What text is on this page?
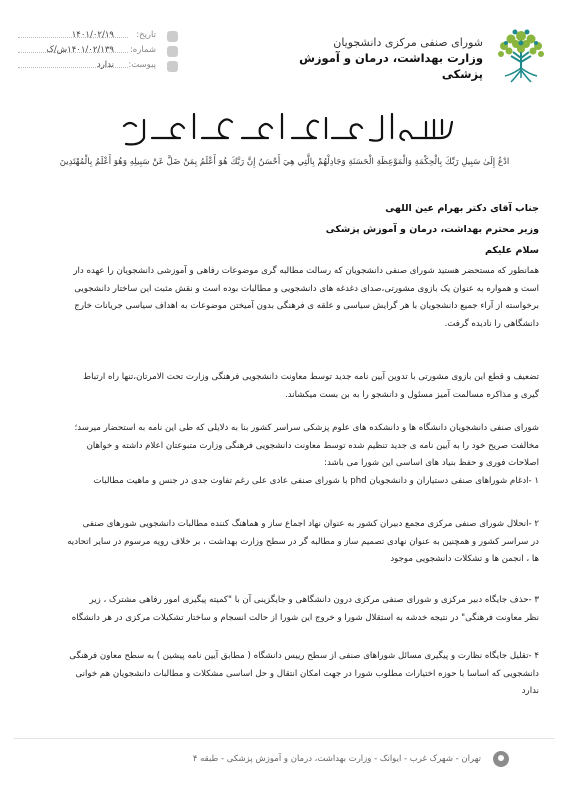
شورای صنفی مرکزی دانشجویان
وزارت بهداشت، درمان و آموزش پزشکی
تاریخ:
۱۴۰۱/۰۲/۱۹
شماره:
۱۴۰۱/۰۲/۱۳۹ش/ک
پیوست:
ندارد
ادْعُ إِلَىٰ سَبِيلِ رَبِّكَ بِالْحِكْمَةِ وَالْمَوْعِظَةِ الْحَسَنَةِ وَجَادِلْهُمْ بِالَّتِي هِيَ أَحْسَنُ إِنَّ رَبَّكَ هُوَ أَعْلَمُ بِمَنْ ضَلَّ عَنْ سَبِيلِهِ وَهُوَ أَعْلَمُ بِالْمُهْتَدِينَ
جناب آقای دکتر بهرام عین اللهی
وزیر محترم بهداشت، درمان و آموزش پزشکی
سلام علیکم
همانطور که مستحضر هستید شورای صنفی دانشجویان که رسالت مطالبه گری موضوعات رفاهی و آموزشی دانشجویان را عهده دار
است و همواره به عنوان یک بازوی مشورتی،صدای دغدغه های دانشجویی و مطالبات بوده است و نقش مثبت این ساختار دانشجویی
برخواسته از آراء جمیع دانشجویان با هر گرایش سیاسی و علقه ی فرهنگی بدون آمیختن موضوعات به اهداف سیاسی جریانات خارج
دانشگاهی را نادیده گرفت.
تضعیف و قطع این بازوی مشورتی با تدوین آیین نامه جدید توسط معاونت دانشجویی فرهنگی وزارت تحت الامرتان،تنها راه ارتباط
گیری و مذاکره مسالمت آمیز مسئول و دانشجو را به بن بست میکشاند.
شورای صنفی دانشجویان دانشگاه ها و دانشکده های علوم پزشکی سراسر کشور بنا به دلایلی که طی این نامه به استحضار میرسد؛
مخالفت صریح خود را به آیین نامه ی جدید تنظیم شده توسط معاونت دانشجویی فرهنگی وزارت متبوعتان اعلام داشته و خواهان
اصلاحات فوری و حفظ بنیاد های اساسی این شورا می باشد:
۱ -ادغام شوراهای صنفی دستیاران و دانشجویان phd با شورای صنفی عادی علی رغم تفاوت جدی در جنس و ماهیت مطالبات
۲ -انحلال شورای صنفی مرکزی مجمع دبیران کشور به عنوان نهاد اجماع ساز و هماهنگ کننده مطالبات دانشجویی شورهای صنفی
در سراسر کشور و همچنین به عنوان نهادی تصمیم ساز و مطالبه گر در سطح وزارت بهداشت ، بر خلاف رویه مرسوم در سایر اتحادیه
ها ، انجمن ها و تشکلات دانشجویی موجود
۳ -حذف جایگاه دبیر مرکزی و شورای صنفی مرکزی درون دانشگاهی و جایگزینی آن با "کمیته پیگیری امور رفاهی مشترک ، زیر
نظر معاونت فرهنگی" در نتیجه خدشه به استقلال شورا و خروج این شورا از حالت انسجام و ساختار تشکیلات مرکزی در هر دانشگاه
۴ -تقلیل جایگاه نظارت و پیگیری مسائل شوراهای صنفی از سطح رییس دانشگاه ( مطابق آیین نامه پیشین ) به سطح معاون فرهنگی
دانشجویی که اساسا با حوزه اختیارات مطلوب شورا در جهت امکان انتقال و حل اساسی مشکلات و مطالبات دانشجویان هم خوانی
ندارد
تهران - شهرک غرب - ایوانک - وزارت بهداشت، درمان و آموزش پزشکی - طبقه ۴
